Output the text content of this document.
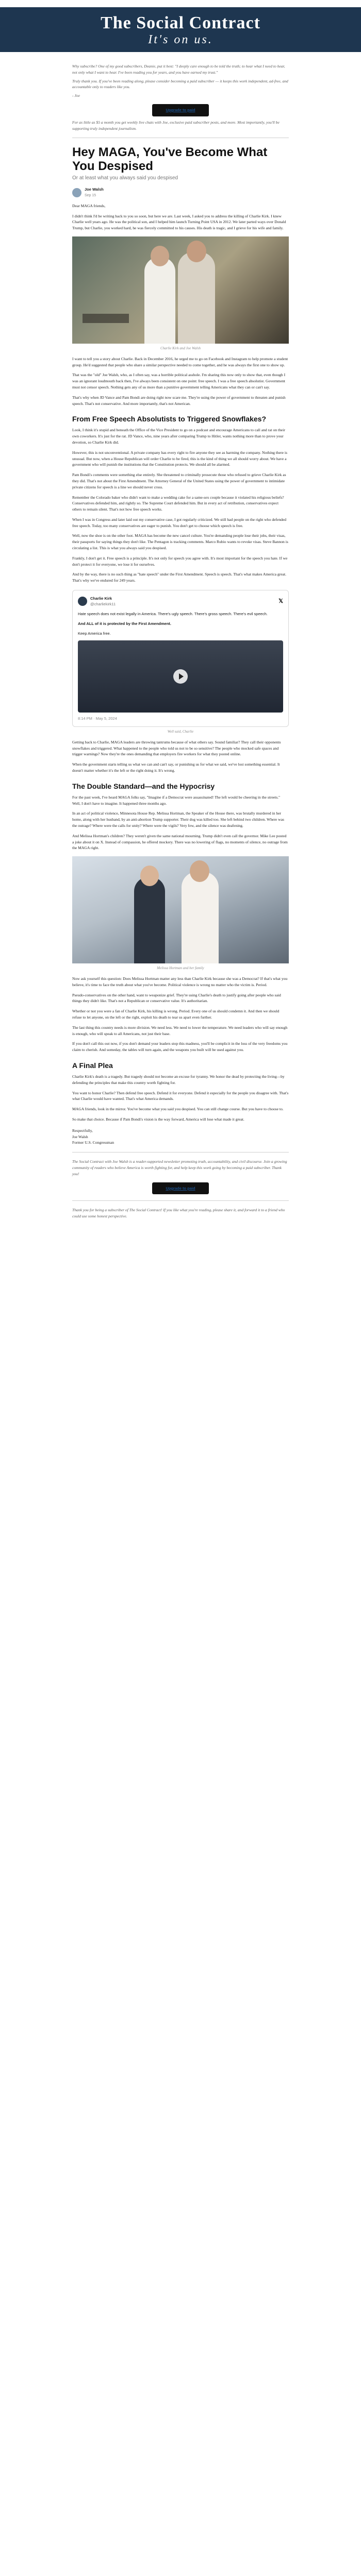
The Social Contract
It's on us.

Why subscribe? One of my good subscribers, Deanie, put it best: "I deeply care enough to be told the truth; to hear what I need to hear, not only what I want to hear. I've been reading you for years, and you have earned my trust."

Truly thank you. If you've been reading along, please consider becoming a paid subscriber — it keeps this work independent, ad-free, and accountable only to readers like you.

- Joe

Upgrade to paid

For as little as $5 a month you get weekly live chats with Joe, exclusive paid subscriber posts, and more. Most importantly, you'll be supporting truly independent journalism.

Hey MAGA, You've Become What You Despised
Or at least what you always said you despised
Joe Walsh
Sep 15

Dear MAGA friends,

I didn't think I'd be writing back to you so soon, but here we are. Last week, I asked you to address the killing of Charlie Kirk. I knew Charlie well years ago. He was the political son, and I helped him launch Turning Point USA in 2012. We later parted ways over Donald Trump, but Charlie, you worked hard, he was fiercely committed to his causes. His death is tragic, and I grieve for his wife and family.

Charlie Kirk and Joe Walsh

I want to tell you a story about Charlie. Back in December 2016, he urged me to go on Facebook and Instagram to help promote a student group. He'd suggested that people who share a similar perspective needed to come together, and he was always the first one to show up.

That was the "old" Joe Walsh, who, as I often say, was a horrible political asshole. I'm sharing this now only to show that, even though I was an ignorant loudmouth back then, I've always been consistent on one point: free speech. I was a free speech absolutist. Government must not censor speech. Nothing gets any of us more than a punitive government telling Americans what they can or can't say.

That's why when JD Vance and Pam Bondi are doing right now scare me. They're using the power of government to threaten and punish speech. That's not conservative. And more importantly, that's not American.

From Free Speech Absolutists to Triggered Snowflakes?

Look, I think it's stupid and beneath the Office of the Vice President to go on a podcast and encourage Americans to call and rat on their own coworkers. It's just for the rat. JD Vance, who, nine years after comparing Trump to Hitler, wants nothing more than to prove your devotion, so Charlie Kirk did.

However, this is not unconventional. A private company has every right to fire anyone they see as harming the company. Nothing there is unusual. But now, when a House Republican will order Charlie to be fired, this is the kind of thing we all should worry about. We have a government who will punish the institutions that the Constitution protects. We should all be alarmed.

Pam Bondi's comments were something else entirely. She threatened to criminally prosecute those who refused to grieve Charlie Kirk as they did. That's not about the First Amendment. The Attorney General of the United States using the power of government to intimidate private citizens for speech is a line we should never cross.

Remember the Colorado baker who didn't want to make a wedding cake for a same-sex couple because it violated his religious beliefs? Conservatives defended him, and rightly so. The Supreme Court defended him. But in every act of retribution, conservatives expect others to remain silent. That's not how free speech works.

When I was in Congress and later laid out my conservative case, I got regularly criticized. We still had people on the right who defended free speech. Today, too many conservatives are eager to punish. You don't get to choose which speech is free.

Well, now the shoe is on the other foot. MAGA has become the new cancel culture. You're demanding people lose their jobs, their visas, their passports for saying things they don't like. The Pentagon is tracking comments. Marco Rubio wants to revoke visas. Steve Bannon is circulating a list. This is what you always said you despised.

Frankly, I don't get it. Free speech is a principle. It's not only for speech you agree with. It's most important for the speech you hate. If we don't protect it for everyone, we lose it for ourselves.

And by the way, there is no such thing as "hate speech" under the First Amendment. Speech is speech. That's what makes America great. That's why we've endured for 249 years.

Charlie Kirk
@charliekirk11	𝕏
Hate speech does not exist legally in America. There's ugly speech. There's gross speech. There's evil speech.
And ALL of it is protected by the First Amendment.
Keep America free.
8:14 PM · May 5, 2024
Well said, Charlie

Getting back to Charlie, MAGA leaders are throwing tantrums because of what others say. Sound familiar? They call their opponents snowflakes and triggered. What happened to the people who told us not to be so sensitive? The people who mocked safe spaces and trigger warnings? Now they're the ones demanding that employers fire workers for what they posted online.

When the government starts telling us what we can and can't say, or punishing us for what we said, we've lost something essential. It doesn't matter whether it's the left or the right doing it. It's wrong.

The Double Standard—and the Hypocrisy

For the past week, I've heard MAGA folks say, "Imagine if a Democrat were assassinated! The left would be cheering in the streets." Well, I don't have to imagine. It happened three months ago.

In an act of political violence, Minnesota House Rep. Melissa Hortman, the Speaker of the House there, was brutally murdered in her home, along with her husband, by an anti-abortion Trump supporter. Their dog was killed too. She left behind two children. Where was the outrage? Where were the calls for unity? Where were the vigils? Very few, and the silence was deafening.

And Melissa Hortman's children? They weren't given the same national mourning. Trump didn't even call the governor. Mike Lee posted a joke about it on X. Instead of compassion, he offered mockery. There was no lowering of flags, no moments of silence, no outrage from the MAGA right.

Melissa Hortman and her family

Now ask yourself this question: Does Melissa Hortman matter any less than Charlie Kirk because she was a Democrat? If that's what you believe, it's time to face the truth about what you've become. Political violence is wrong no matter who the victim is. Period.

Pseudo-conservatives on the other hand, want to weaponize grief. They're using Charlie's death to justify going after people who said things they didn't like. That's not a Republican or conservative value. It's authoritarian.

Whether or not you were a fan of Charlie Kirk, his killing is wrong. Period. Every one of us should condemn it. And then we should refuse to let anyone, on the left or the right, exploit his death to tear us apart even further.

The last thing this country needs is more division. We need less. We need to lower the temperature. We need leaders who will say enough is enough, who will speak to all Americans, not just their base.

If you don't call this out now, if you don't demand your leaders stop this madness, you'll be complicit in the loss of the very freedoms you claim to cherish. And someday, the tables will turn again, and the weapons you built will be used against you.

A Final Plea

Charlie Kirk's death is a tragedy. But tragedy should not become an excuse for tyranny. We honor the dead by protecting the living—by defending the principles that make this country worth fighting for.

You want to honor Charlie? Then defend free speech. Defend it for everyone. Defend it especially for the people you disagree with. That's what Charlie would have wanted. That's what America demands.

MAGA friends, look in the mirror. You've become what you said you despised. You can still change course. But you have to choose to.

So make that choice. Because if Pam Bondi's vision is the way forward, America will lose what made it great.

Respectfully,
Joe Walsh
Former U.S. Congressman

The Social Contract with Joe Walsh is a reader-supported newsletter promoting truth, accountability, and civil discourse. Join a growing community of readers who believe America is worth fighting for, and help keep this work going by becoming a paid subscriber. Thank you!

Upgrade to paid

Thank you for being a subscriber of The Social Contract! If you like what you're reading, please share it, and forward it to a friend who could use some honest perspective.
